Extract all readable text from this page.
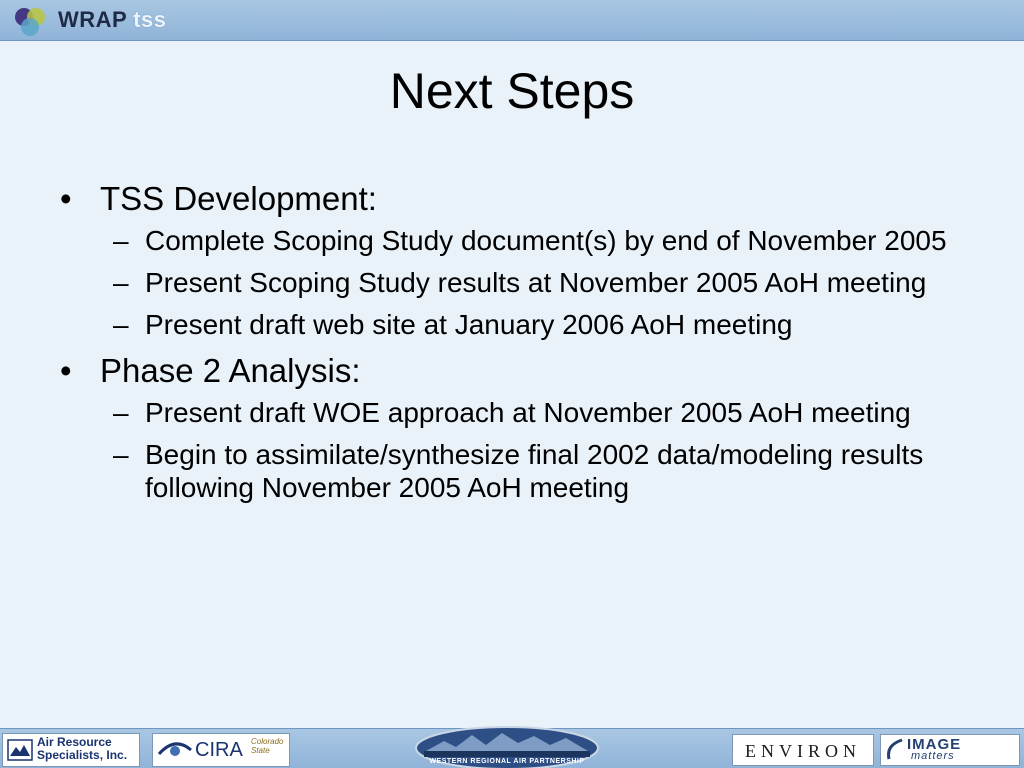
WRAP tss
Next Steps
• TSS Development:
– Complete Scoping Study document(s) by end of November 2005
– Present Scoping Study results at November 2005 AoH meeting
– Present draft web site at January 2006 AoH meeting
• Phase 2 Analysis:
– Present draft WOE approach at November 2005 AoH meeting
– Begin to assimilate/synthesize final 2002 data/modeling results following November 2005 AoH meeting
Air Resource
Specialists, Inc.	CIRA Colorado
State
WESTERN REGIONAL AIR PARTNERSHIP
ENVIRON	IMAGE
matters
